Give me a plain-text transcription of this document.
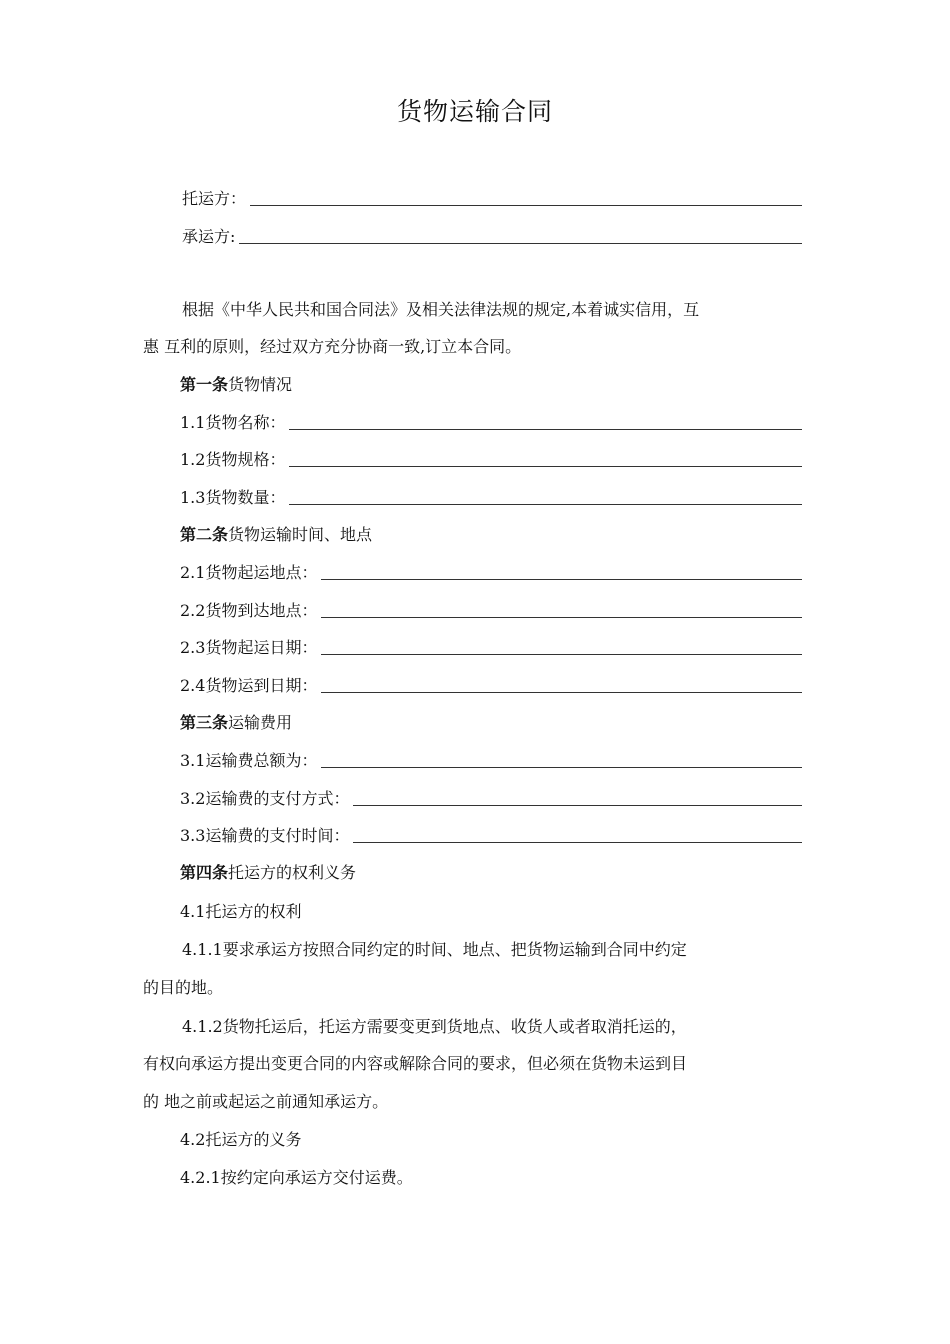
货物运输合同
托运方：
承运方:
根据《中华人民共和国合同法》及相关法律法规的规定,本着诚实信用，互
惠 互利的原则，经过双方充分协商一致,订立本合同。
第一条货物情况
1.1货物名称：
1.2货物规格：
1.3货物数量：
第二条货物运输时间、地点
2.1货物起运地点：
2.2货物到达地点：
2.3货物起运日期：
2.4货物运到日期：
第三条运输费用
3.1运输费总额为：
3.2运输费的支付方式：
3.3运输费的支付时间：
第四条托运方的权利义务
4.1托运方的权利
4.1.1要求承运方按照合同约定的时间、地点、把货物运输到合同中约定
的目的地。
4.1.2货物托运后，托运方需要变更到货地点、收货人或者取消托运的，
有权向承运方提出变更合同的内容或解除合同的要求，但必须在货物未运到目
的 地之前或起运之前通知承运方。
4.2托运方的义务
4.2.1按约定向承运方交付运费。
